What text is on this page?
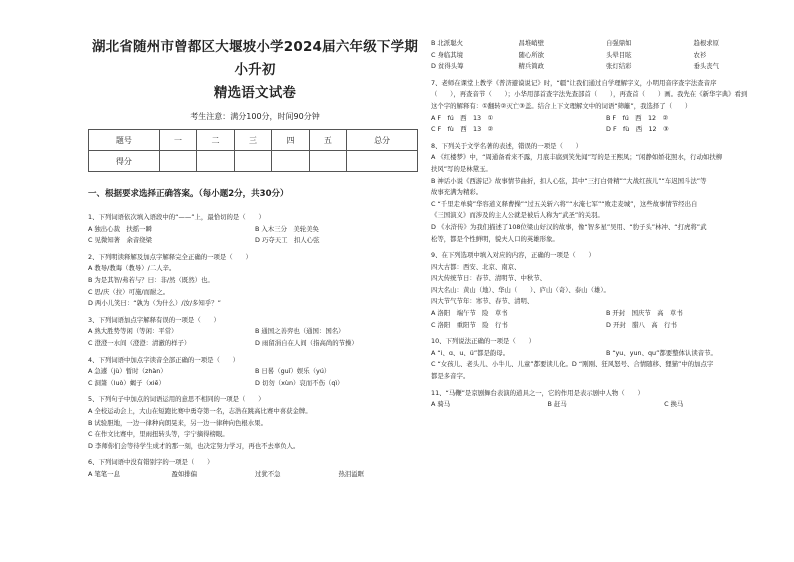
湖北省随州市曾都区大堰坡小学2024届六年级下学期小升初
精选语文试卷
考生注意：满分100分，时间90分钟
题号	一	二	三	四	五	总分
得分						
一、根据要求选择正确答案。（每小题2分，共30分）
1、下列词语依次填入语段中的“——”上，最恰切的是（　　）
A 独出心裁　扶摇一瞬	B 入木三分　美轮美奂
C 见微知著　余音绕梁	D 巧夺天工　扣人心弦
2、下列明读释解及加点字解释完全正确的一项是（　　）
A 教导/教诲（教导）/二人辛。
B 为是其智/弗若与？曰：非/然（既然）也。
C 思/庆（拉）可施/而耐之。
D 两小儿笑曰：“孰为（为什么）/汝/多知乎？”
3、下列词语加点字解释有误的一项是（　　）
A 熟大胜势等闲（等闲：平常）	B 通国之善弈也（通国：国名）
C 澄澄一水间（澄澄：清澈的样子）	D 雨留涓自在人间（指高尚的节操）
4、下列词语中加点字读音全部正确的一项是（　　）
A 急遽（jù）暂时（zhàn）	B 日晷（guǐ）娱乐（yú）
C 洞箫（luò）蝎子（xiē）	D 切勿（xùn）哀而不伤（qì）
5、下列句子中加点的词语运用的意思不相同的一项是（　　）
A 全校运动会上，大山在短跑比赛中勇夺第一名，志浩在跳高比赛中喜获金牌。
B 试验胆地，一边一律种向朗晃来，另一边一律种向色根水果。
C 在作文比赛中，里雨扭转头等，宇宁摘得榜眼。
D 李师你们会等待学生成才的那一刻，也决定努力学习，再也不去辜负人。
6、下列词语中没有错别字的一项是（　　）
A 笔笔一息	盈如排偏	过犹不急	热泪溢眶
B 北派聪火	昌堆峭壁	自强鼎如	趋根求原
C 身临其境	随心所欲	头晕目眩	农衫
D 贫得头筹	精兵简政	张灯结彩	垂头丧气
7、老师在课堂上教学《普济避谟说记》时，“疆”让我们通过自学理解字义，小明用音序查字法查音序
（　　），再查音节（　　）；小华用部首查字法先查部首（　　），再查首（　　）画。我先在《新华字典》看到
这个字的解释有：①翻转②灭亡③盖。结合上下文理解文中的词语“筛籬”，我选择了（　　）
A F　fú　西　13　①	B F　fú　西　12　②
C F　fù　西　13　②	D F　fù　西　12　③
8、下列关于文学名著的表述，错误的一项是（　　）
A 《红楼梦》中，“周通备看来不露，月底丰腐到笑先闻”写的是王熙凤；“闲静如娇花照水，行动如扶柳
扶风”写的是林黛玉。
B 神话小说《西游记》故事情节曲折，扣人心弦，其中“三打白骨精”“大战红孩儿”“车迟国斗法”等
故事充满为精彩。
C “千里走单骑”华容道义释曹操”“过五关斩六将”“水淹七军”“败走麦城”，这些故事情节经出自
《三国演义》而涉及的主人公就是被后人称为“武圣”的关羽。
D 《水浒传》为我们描述了108位梁山好汉的故事，像“智多星”吴用、“豹子头”林冲、“打虎将”武
松等，都是个性鲜明，貌夫人口的英雄形象。
9、在下列选项中填入对应的内容，正确的一项是（　　）
四大古都：西安、北京、南京、
四大传统节日：春节、清明节、中秋节、
四大名山：黄山（地）、华山（　　）、庐山（奇）、泰山（雄）。
四大节气节年：寒节、春节、清明、
A 洛阳　端午节　险　草书	B 开封　国庆节　高　草书
C 洛阳　重阳节　险　行书	D 开封　腊八　高　行书
10、下列说法正确的一项是（　　）
A “i、ɑ、u、ü”都是韵母。	B “yu、yun、qu”都要整体认读音节。
C “女孩儿、老头儿、小牛儿、儿童”都要读儿化。D “刚刚、狂风怒号、合情随移、狸猫”中的加点字
都是多音字。
11、“马鞭”是京剧舞台表演的道具之一，它的作用是表示剧中人物（　　）
A 骑马	B 赶马	C 换马
